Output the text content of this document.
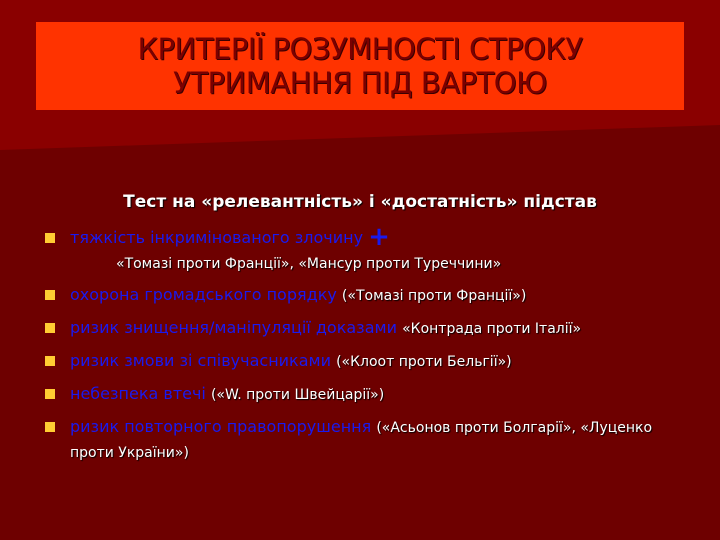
КРИТЕРІЇ РОЗУМНОСТІ СТРОКУ
УТРИМАННЯ ПІД ВАРТОЮ
Тест на «релевантність» і «достатність» підстав
тяжкість інкримінованого злочину +
«Томазі проти Франції», «Мансур проти Туреччини»
охорона громадського порядку («Томазі проти Франції»)
ризик знищення/маніпуляції доказами «Контрада проти Італії»
ризик змови зі співучасниками («Клоот проти Бельгії»)
небезпека втечі («W. проти Швейцарії»)
ризик повторного правопорушення («Асьонов проти Болгарії», «Луценко проти України»)
